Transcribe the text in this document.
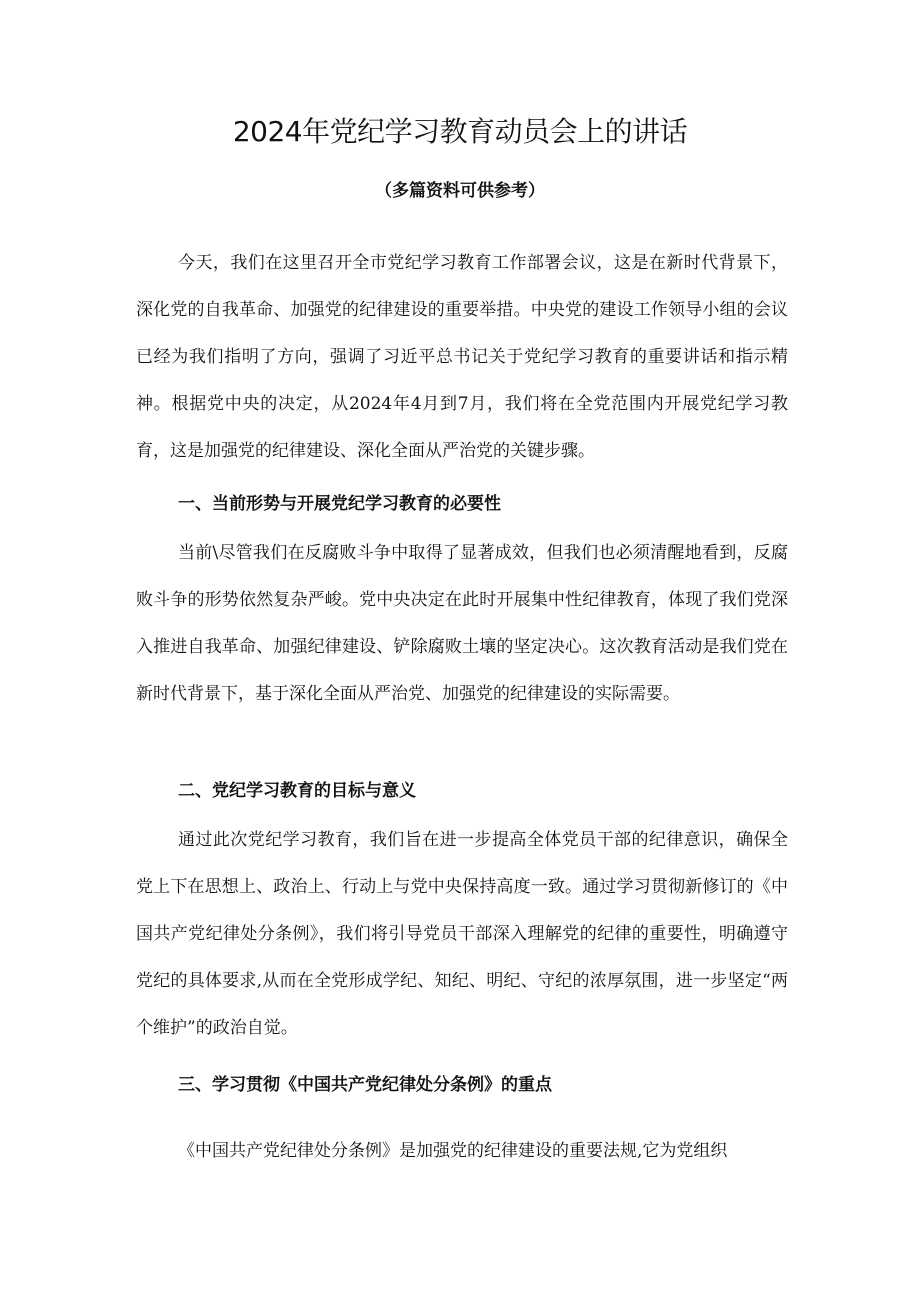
2024年党纪学习教育动员会上的讲话
（多篇资料可供参考）

今天，我们在这里召开全市党纪学习教育工作部署会议，这是在新时代背景下，深化党的自我革命、加强党的纪律建设的重要举措。中央党的建设工作领导小组的会议已经为我们指明了方向，强调了习近平总书记关于党纪学习教育的重要讲话和指示精神。根据党中央的决定，从2024年4月到7月，我们将在全党范围内开展党纪学习教育，这是加强党的纪律建设、深化全面从严治党的关键步骤。

一、当前形势与开展党纪学习教育的必要性

当前\尽管我们在反腐败斗争中取得了显著成效，但我们也必须清醒地看到，反腐败斗争的形势依然复杂严峻。党中央决定在此时开展集中性纪律教育，体现了我们党深入推进自我革命、加强纪律建设、铲除腐败土壤的坚定决心。这次教育活动是我们党在新时代背景下，基于深化全面从严治党、加强党的纪律建设的实际需要。

二、党纪学习教育的目标与意义

通过此次党纪学习教育，我们旨在进一步提高全体党员干部的纪律意识，确保全党上下在思想上、政治上、行动上与党中央保持高度一致。通过学习贯彻新修订的《中国共产党纪律处分条例》，我们将引导党员干部深入理解党的纪律的重要性，明确遵守党纪的具体要求,从而在全党形成学纪、知纪、明纪、守纪的浓厚氛围，进一步坚定“两个维护”的政治自觉。

三、学习贯彻《中国共产党纪律处分条例》的重点

《中国共产党纪律处分条例》是加强党的纪律建设的重要法规,它为党组织
